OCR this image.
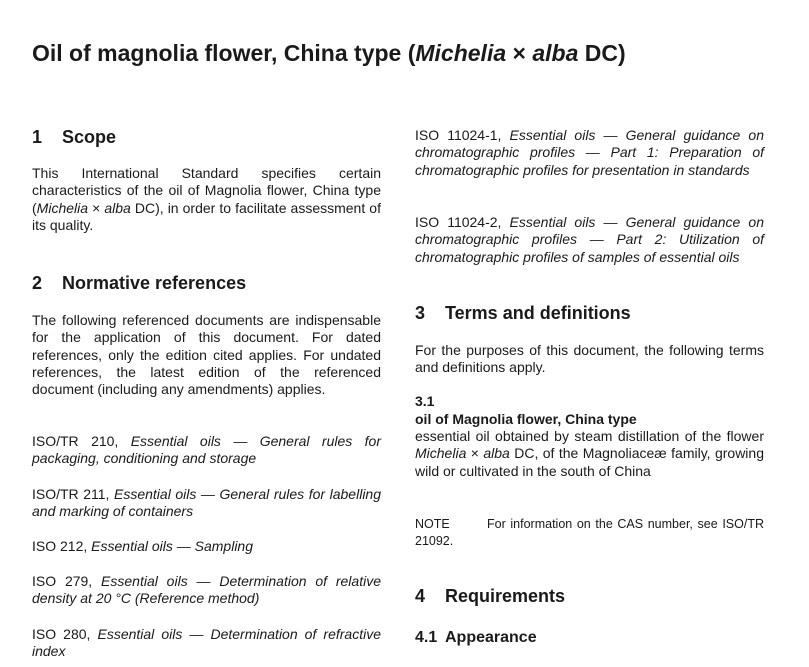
Oil of magnolia flower, China type (Michelia × alba DC)
1 Scope

This International Standard specifies certain characteristics of the oil of Magnolia flower, China type (Michelia × alba DC), in order to facilitate assessment of its quality.

2 Normative references

The following referenced documents are indispensable for the application of this document. For dated references, only the edition cited applies. For undated references, the latest edition of the referenced document (including any amendments) applies.

ISO/TR 210, Essential oils — General rules for packaging, conditioning and storage

ISO/TR 211, Essential oils — General rules for labelling and marking of containers

ISO 212, Essential oils — Sampling

ISO 279, Essential oils — Determination of relative density at 20 °C (Reference method)

ISO 280, Essential oils — Determination of refractive index

ISO 11024-1, Essential oils — General guidance on chromatographic profiles — Part 1: Preparation of chromatographic profiles for presentation in standards

ISO 11024-2, Essential oils — General guidance on chromatographic profiles — Part 2: Utilization of chromatographic profiles of samples of essential oils

3 Terms and definitions

For the purposes of this document, the following terms and definitions apply.

3.1

oil of Magnolia flower, China type

essential oil obtained by steam distillation of the flower Michelia × alba DC, of the Magnoliaceæ family, growing wild or cultivated in the south of China

NOTE	For information on the CAS number, see ISO/TR 21092.

4 Requirements
4.1 Appearance
